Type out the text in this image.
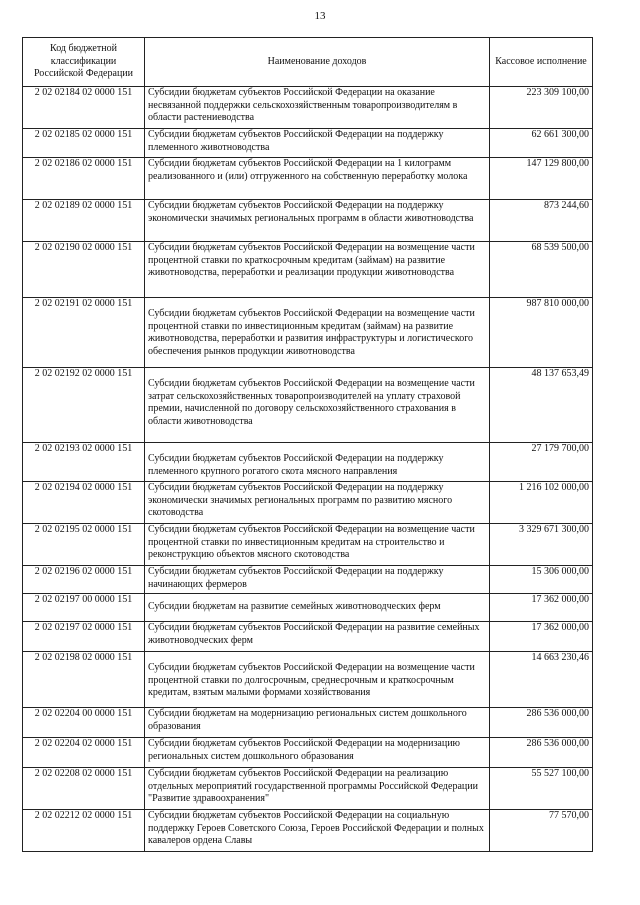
13
Код бюджетной классификации Российской Федерации	Наименование доходов	Кассовое исполнение
2 02 02184 02 0000 151	Субсидии бюджетам субъектов Российской Федерации на оказание несвязанной поддержки сельскохозяйственным товаропроизводителям в области растениеводства	223 309 100,00
2 02 02185 02 0000 151	Субсидии бюджетам субъектов Российской Федерации на поддержку племенного животноводства	62 661 300,00
2 02 02186 02 0000 151	Субсидии бюджетам субъектов Российской Федерации на 1 килограмм реализованного и (или) отгруженного на собственную переработку молока	147 129 800,00
2 02 02189 02 0000 151	Субсидии бюджетам субъектов Российской Федерации на поддержку экономически значимых региональных программ в области животноводства	873 244,60
2 02 02190 02 0000 151	Субсидии бюджетам субъектов Российской Федерации на возмещение части процентной ставки по краткосрочным кредитам (займам) на развитие животноводства, переработки и реализации продукции животноводства	68 539 500,00
2 02 02191 02 0000 151	Субсидии бюджетам субъектов Российской Федерации на возмещение части процентной ставки по инвестиционным кредитам (займам) на развитие животноводства, переработки и развития инфраструктуры и логистического обеспечения рынков продукции животноводства	987 810 000,00
2 02 02192 02 0000 151	Субсидии бюджетам субъектов Российской Федерации на возмещение части затрат сельскохозяйственных товаропроизводителей на уплату страховой премии, начисленной по договору сельскохозяйственного страхования в области животноводства	48 137 653,49
2 02 02193 02 0000 151	Субсидии бюджетам субъектов Российской Федерации на поддержку племенного крупного рогатого скота мясного направления	27 179 700,00
2 02 02194 02 0000 151	Субсидии бюджетам субъектов Российской Федерации на поддержку экономически значимых региональных программ по развитию мясного скотоводства	1 216 102 000,00
2 02 02195 02 0000 151	Субсидии бюджетам субъектов Российской Федерации на возмещение части процентной ставки по инвестиционным кредитам на строительство и реконструкцию объектов мясного скотоводства	3 329 671 300,00
2 02 02196 02 0000 151	Субсидии бюджетам субъектов Российской Федерации на поддержку начинающих фермеров	15 306 000,00
2 02 02197 00 0000 151	Субсидии бюджетам на развитие семейных животноводческих ферм	17 362 000,00
2 02 02197 02 0000 151	Субсидии бюджетам субъектов Российской Федерации на развитие семейных животноводческих ферм	17 362 000,00
2 02 02198 02 0000 151	Субсидии бюджетам субъектов Российской Федерации на возмещение части процентной ставки по долгосрочным, среднесрочным и краткосрочным кредитам, взятым малыми формами хозяйствования	14 663 230,46
2 02 02204 00 0000 151	Субсидии бюджетам на модернизацию региональных систем дошкольного образования	286 536 000,00
2 02 02204 02 0000 151	Субсидии бюджетам субъектов Российской Федерации на модернизацию региональных систем дошкольного образования	286 536 000,00
2 02 02208 02 0000 151	Субсидии бюджетам субъектов Российской Федерации на реализацию отдельных мероприятий государственной программы Российской Федерации "Развитие здравоохранения"	55 527 100,00
2 02 02212 02 0000 151	Субсидии бюджетам субъектов Российской Федерации на социальную поддержку Героев Советского Союза, Героев Российской Федерации и полных кавалеров ордена Славы	77 570,00
